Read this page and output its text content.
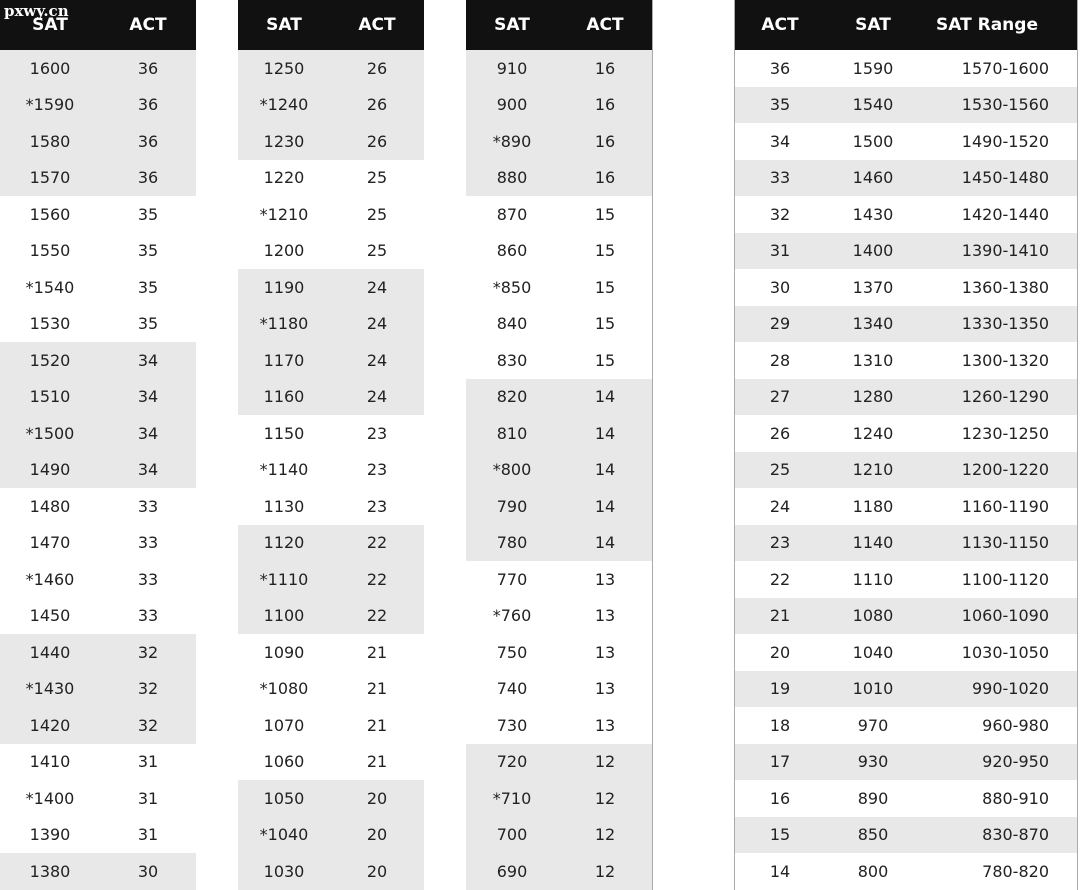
pxwy.cn
SAT	ACT
1600	36
*1590	36
1580	36
1570	36
1560	35
1550	35
*1540	35
1530	35
1520	34
1510	34
*1500	34
1490	34
1480	33
1470	33
*1460	33
1450	33
1440	32
*1430	32
1420	32
1410	31
*1400	31
1390	31
1380	30
SAT	ACT
1250	26
*1240	26
1230	26
1220	25
*1210	25
1200	25
1190	24
*1180	24
1170	24
1160	24
1150	23
*1140	23
1130	23
1120	22
*1110	22
1100	22
1090	21
*1080	21
1070	21
1060	21
1050	20
*1040	20
1030	20
SAT	ACT
910	16
900	16
*890	16
880	16
870	15
860	15
*850	15
840	15
830	15
820	14
810	14
*800	14
790	14
780	14
770	13
*760	13
750	13
740	13
730	13
720	12
*710	12
700	12
690	12
ACT	SAT	SAT Range
36	1590	1570-1600
35	1540	1530-1560
34	1500	1490-1520
33	1460	1450-1480
32	1430	1420-1440
31	1400	1390-1410
30	1370	1360-1380
29	1340	1330-1350
28	1310	1300-1320
27	1280	1260-1290
26	1240	1230-1250
25	1210	1200-1220
24	1180	1160-1190
23	1140	1130-1150
22	1110	1100-1120
21	1080	1060-1090
20	1040	1030-1050
19	1010	990-1020
18	970	960-980
17	930	920-950
16	890	880-910
15	850	830-870
14	800	780-820
